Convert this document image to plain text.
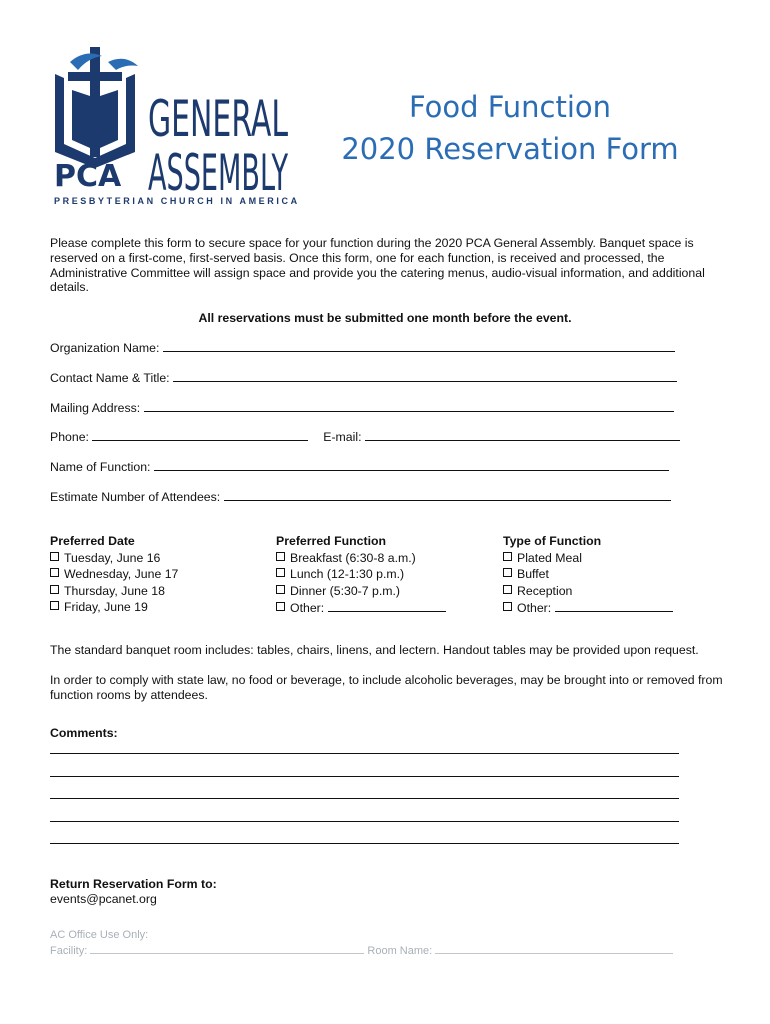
PCA
GENERAL
ASSEMBLY
PRESBYTERIAN CHURCH IN AMERICA
Food Function
2020 Reservation Form
Please complete this form to secure space for your function during the 2020 PCA General Assembly. Banquet space is reserved on a first-come, first-served basis. Once this form, one for each function, is received and processed, the Administrative Committee will assign space and provide you the catering menus, audio-visual information, and additional details.
All reservations must be submitted one month before the event.
Organization Name:
Contact Name & Title:
Mailing Address:
Phone:	E-mail:
Name of Function:
Estimate Number of Attendees:
Preferred Date
Tuesday, June 16
Wednesday, June 17
Thursday, June 18
Friday, June 19
Preferred Function
Breakfast (6:30-8 a.m.)
Lunch (12-1:30 p.m.)
Dinner (5:30-7 p.m.)
Other:
Type of Function
Plated Meal
Buffet
Reception
Other:
The standard banquet room includes: tables, chairs, linens, and lectern. Handout tables may be provided upon request.
In order to comply with state law, no food or beverage, to include alcoholic beverages, may be brought into or removed from function rooms by attendees.
Comments:
Return Reservation Form to:
events@pcanet.org
AC Office Use Only:
Facility:	Room Name:
